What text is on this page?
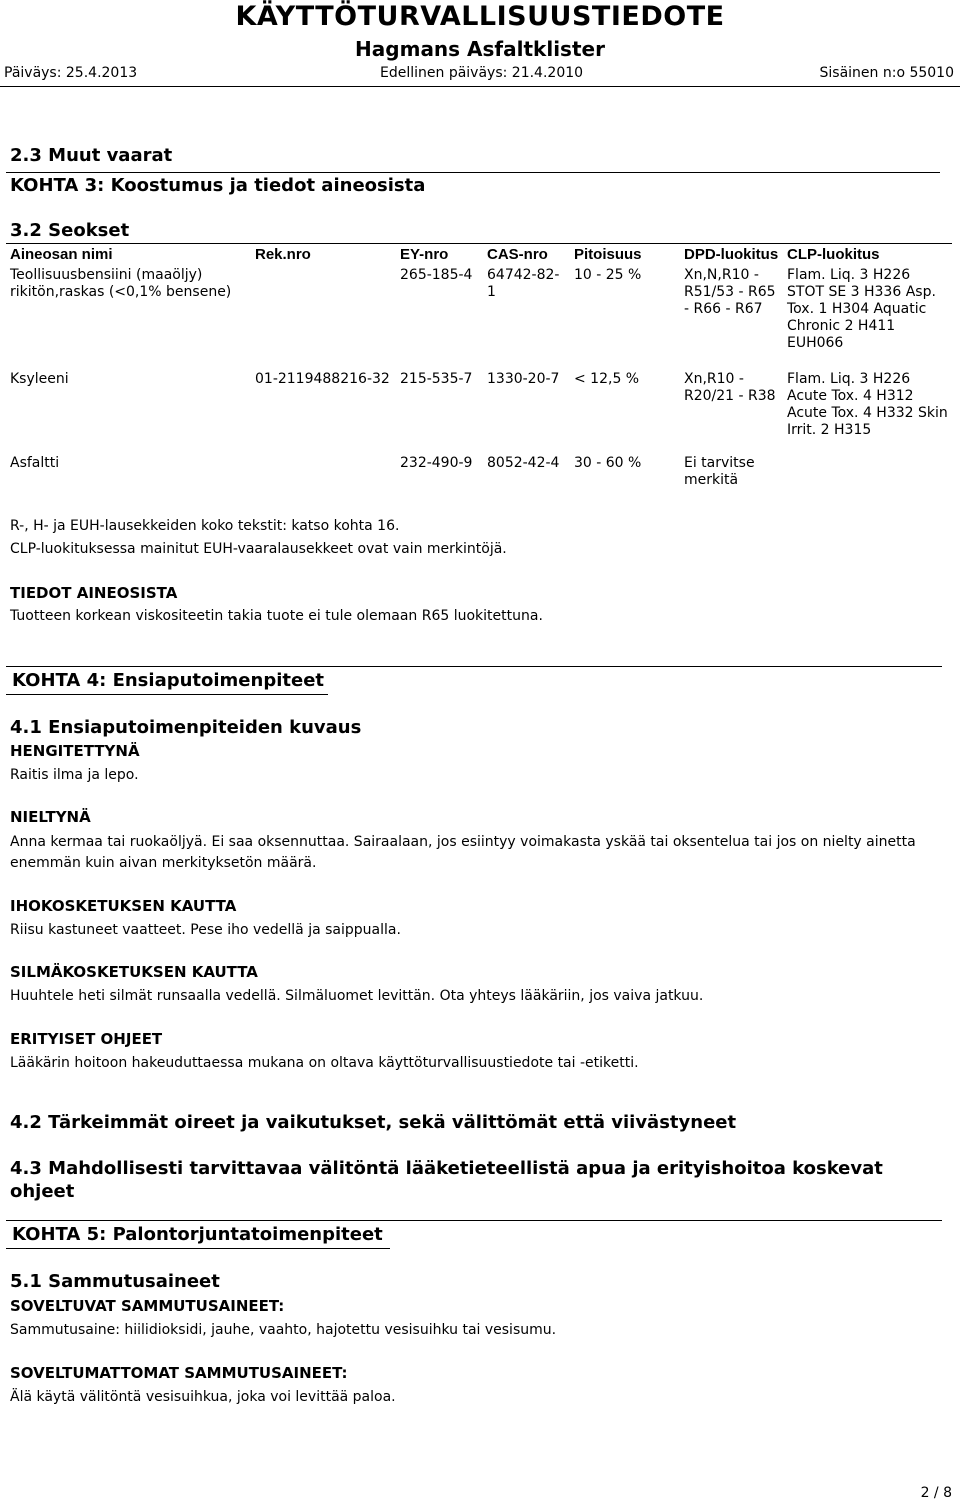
KÄYTTÖTURVALLISUUSTIEDOTE
Hagmans Asfaltklister
Päiväys: 25.4.2013	Edellinen päiväys: 21.4.2010	Sisäinen n:o 55010
2.3 Muut vaarat
KOHTA 3: Koostumus ja tiedot aineosista
3.2 Seokset
Aineosan nimi	Rek.nro	EY-nro	CAS-nro	Pitoisuus	DPD-luokitus	CLP-luokitus
Teollisuusbensiini (maaöljy) rikitön,raskas (<0,1% bensene)		265-185-4	64742-82-1	10 - 25 %	Xn,N,R10 - R51/53 - R65 - R66 - R67	Flam. Liq. 3 H226 STOT SE 3 H336 Asp. Tox. 1 H304 Aquatic Chronic 2 H411 EUH066
Ksyleeni	01-2119488216-32	215-535-7	1330-20-7	< 12,5 %	Xn,R10 - R20/21 - R38	Flam. Liq. 3 H226 Acute Tox. 4 H312 Acute Tox. 4 H332 Skin Irrit. 2 H315
Asfaltti		232-490-9	8052-42-4	30 - 60 %	Ei tarvitse merkitä	
R-, H- ja EUH-lausekkeiden koko tekstit: katso kohta 16.
CLP-luokituksessa mainitut EUH-vaaralausekkeet ovat vain merkintöjä.
TIEDOT AINEOSISTA
Tuotteen korkean viskositeetin takia tuote ei tule olemaan R65 luokitettuna.
KOHTA 4: Ensiaputoimenpiteet
4.1 Ensiaputoimenpiteiden kuvaus
HENGITETTYNÄ
Raitis ilma ja lepo.
NIELTYNÄ
Anna kermaa tai ruokaöljyä. Ei saa oksennuttaa. Sairaalaan, jos esiintyy voimakasta yskää tai oksentelua tai jos on nielty ainetta enemmän kuin aivan merkityksetön määrä.
IHOKOSKETUKSEN KAUTTA
Riisu kastuneet vaatteet. Pese iho vedellä ja saippualla.
SILMÄKOSKETUKSEN KAUTTA
Huuhtele heti silmät runsaalla vedellä. Silmäluomet levittän. Ota yhteys lääkäriin, jos vaiva jatkuu.
ERITYISET OHJEET
Lääkärin hoitoon hakeuduttaessa mukana on oltava käyttöturvallisuustiedote tai -etiketti.
4.2 Tärkeimmät oireet ja vaikutukset, sekä välittömät että viivästyneet
4.3 Mahdollisesti tarvittavaa välitöntä lääketieteellistä apua ja erityishoitoa koskevat ohjeet
KOHTA 5: Palontorjuntatoimenpiteet
5.1 Sammutusaineet
SOVELTUVAT SAMMUTUSAINEET:
Sammutusaine: hiilidioksidi, jauhe, vaahto, hajotettu vesisuihku tai vesisumu.
SOVELTUMATTOMAT SAMMUTUSAINEET:
Älä käytä välitöntä vesisuihkua, joka voi levittää paloa.
2 / 8
